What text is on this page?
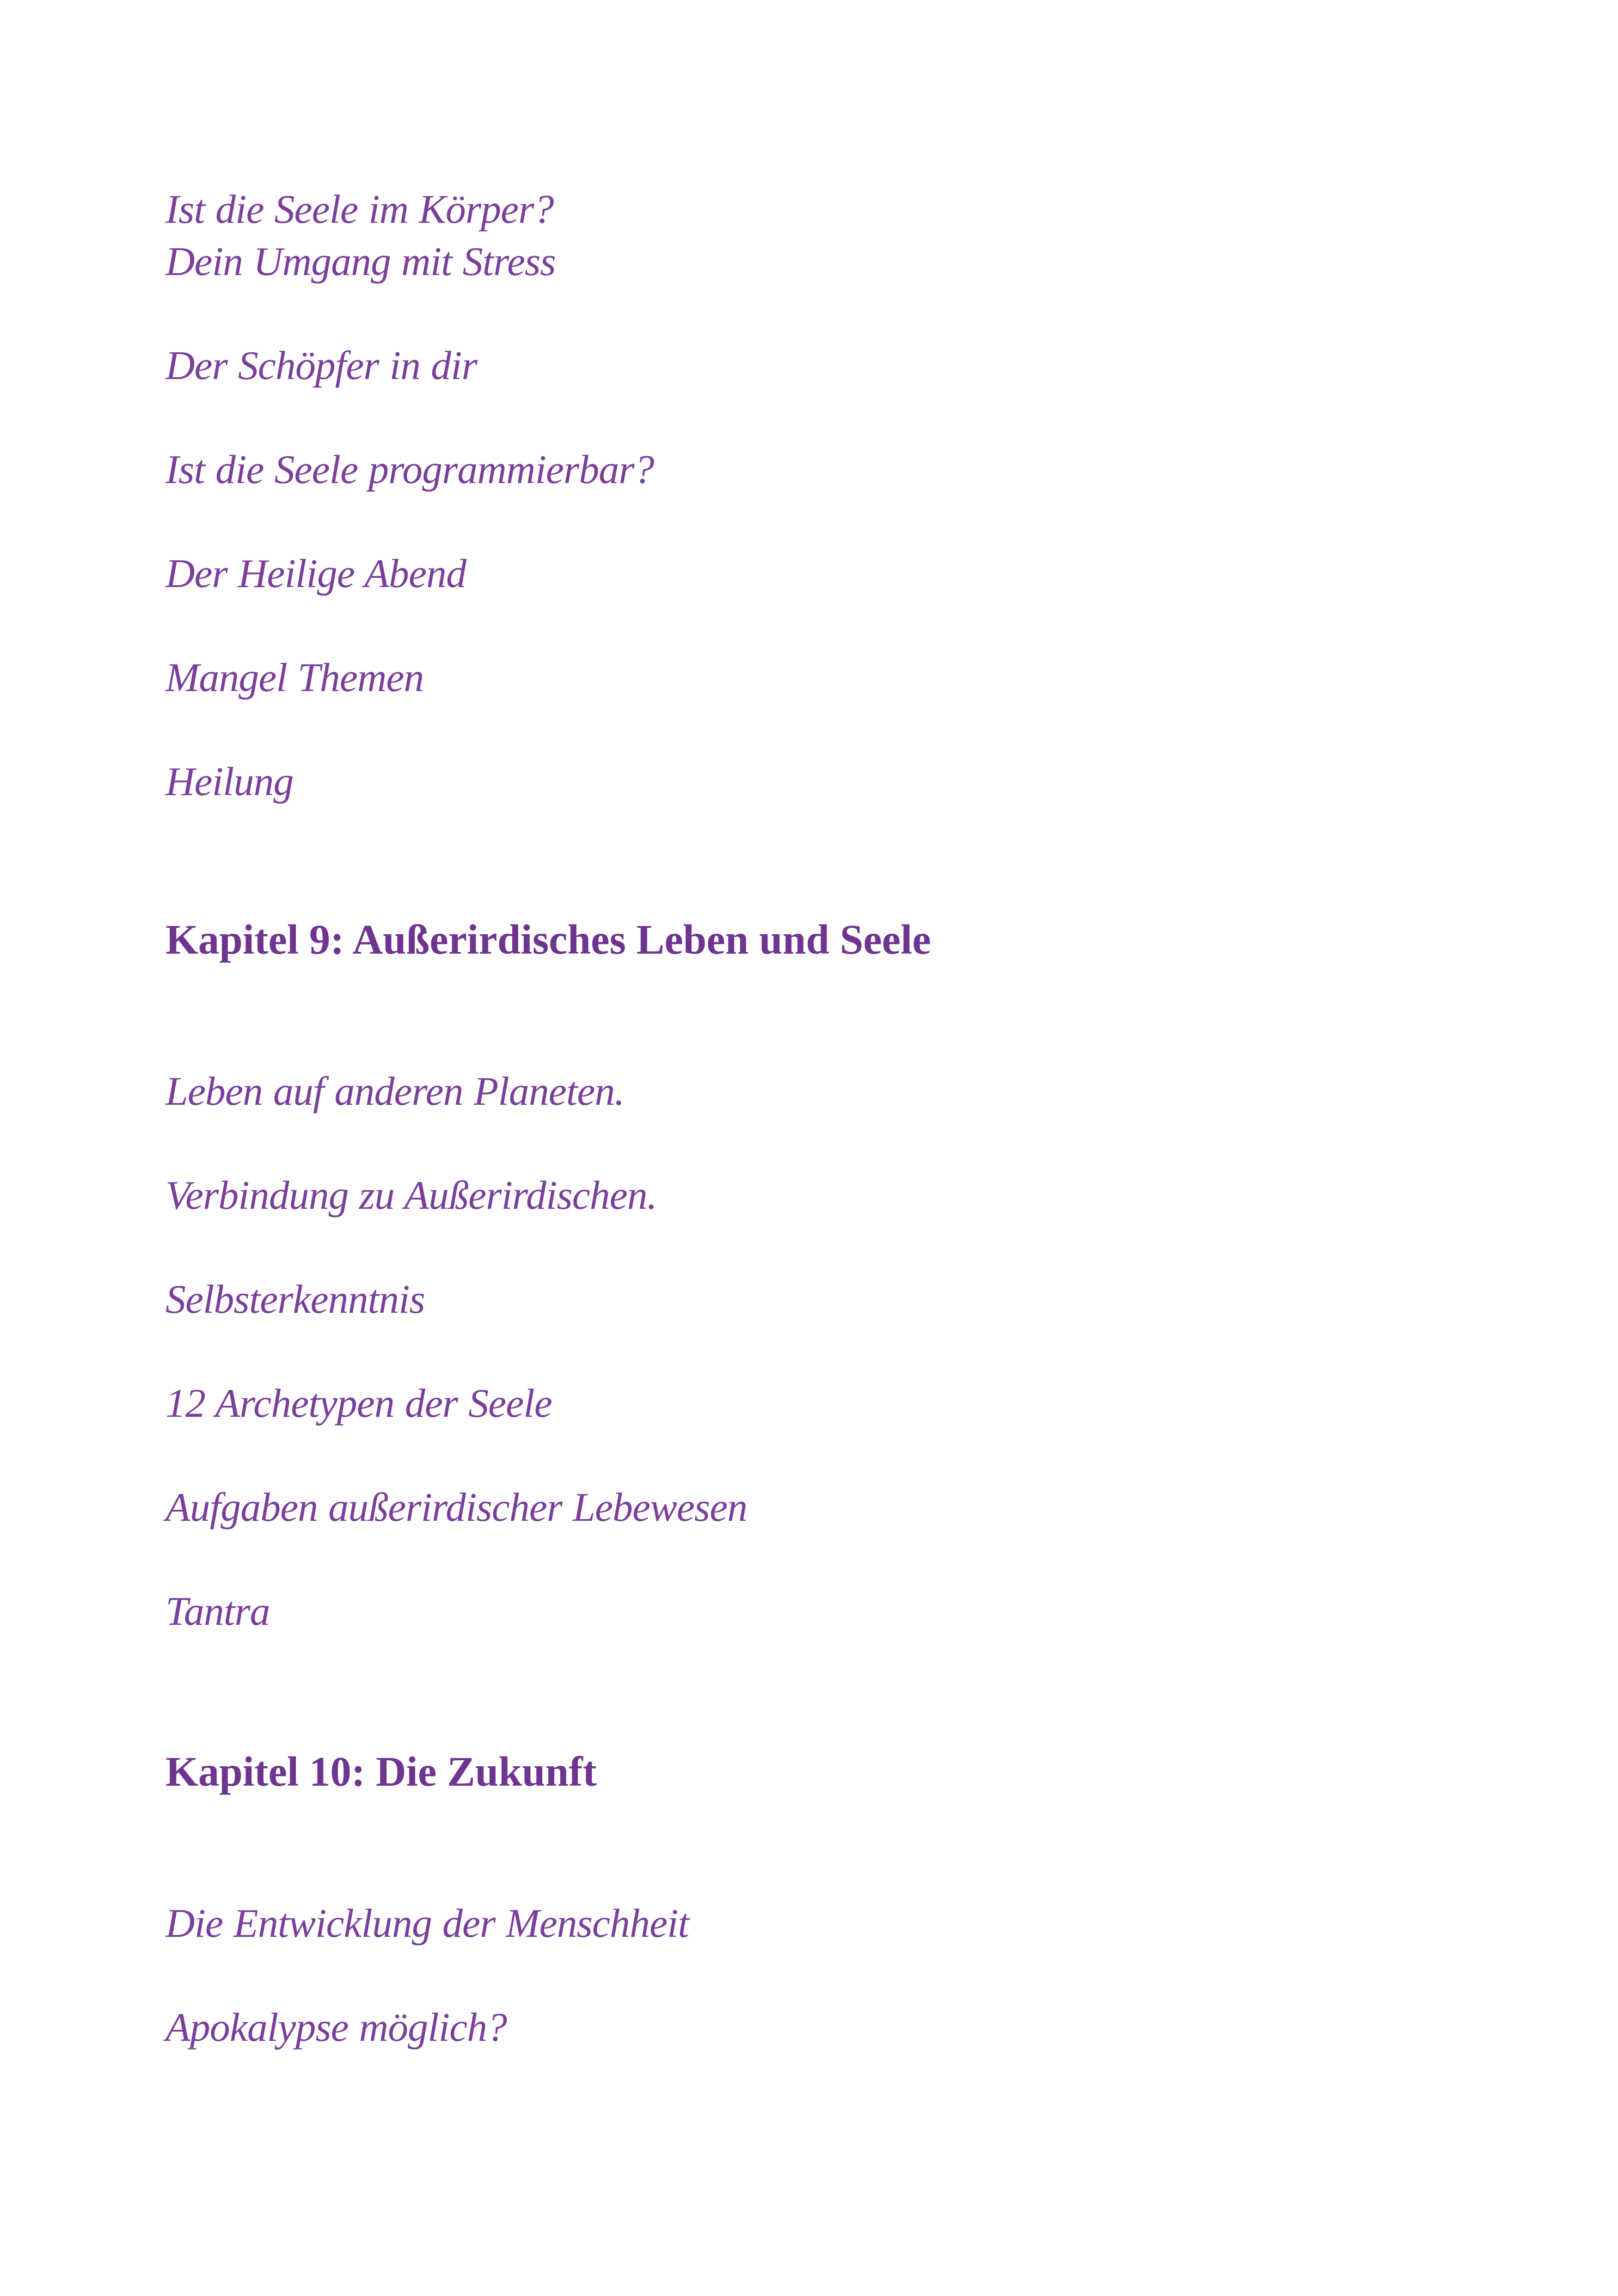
Ist die Seele im Körper?
Dein Umgang mit Stress
Der Schöpfer in dir
Ist die Seele programmierbar?
Der Heilige Abend
Mangel Themen
Heilung
Kapitel 9: Außerirdisches Leben und Seele
Leben auf anderen Planeten.
Verbindung zu Außerirdischen.
Selbsterkenntnis
12 Archetypen der Seele
Aufgaben außerirdischer Lebewesen
Tantra
Kapitel 10: Die Zukunft
Die Entwicklung der Menschheit
Apokalypse möglich?
